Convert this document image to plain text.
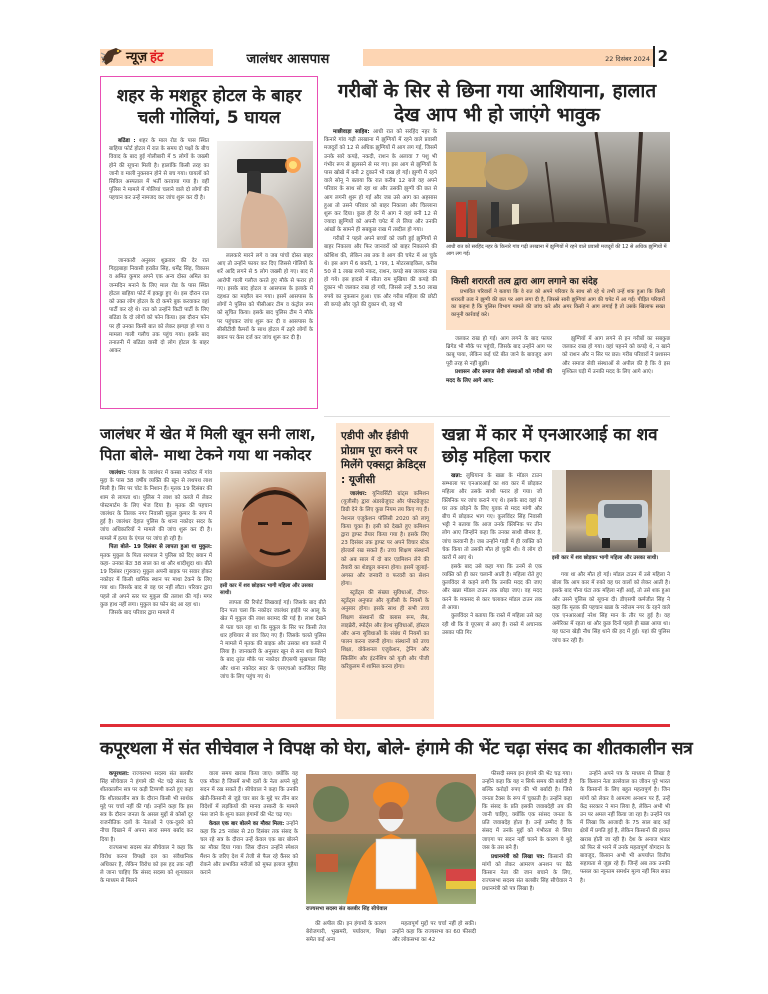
न्यूज़ हंट	जालंधर आसपास	22 दिसंबर 2024 2
शहर के मशहूर होटल के बाहर चली गोलियां, 5 घायल

बठिंडा : शहर के माल रोड के पास स्थित बाहिया फोर्ट होटल में रात के समय दो पक्षों के बीच विवाद के बाद हुई गोलीबारी में 5 लोगों के जख्मी होने की सूचना मिली है। हालांकि किसी तरह का जानी व माली नुकसान होने से बच गया। घायलों को सिविल अस्पताल में भर्ती करवाया गया है। वहीं पुलिस ने मामले में गोलियां चलाने वाले दो लोगों की पहचान कर उन्हें नामजद कर जांच शुरू कर दी है।

जानकारी अनुसार शुक्रवार की देर रात गिद्दड़बाहा निवासी हरप्रीत सिंह, धर्मेंद्र सिंह, विकास व अमित कुमार अपने एक अन्य दोस्त अमित का जन्मदिन मनाने के लिए माल रोड के पास स्थित होटल बाहिया फोर्ट में इकट्ठा हुए थे। इस दौरान रात को उक्त लोग होटल के दो कमरे बुक करवाकर वहां पार्टी कर रहे थे। रात को उन्होंने किटी पार्टी के लिए बठिंडा के दो लोगों को फोन किया। इस दौरान फोन पर ही उनका किसी बात को लेकर झगड़ा हो गया व मामला गाली गलौच तक पहुंच गया। इसके बाद तनातनी में बठिंडा वासी दो लोग होटल के बाहर आकर

ललकारे मारने लगे व जब पांचों दोस्त बाहर आए तो उन्होंने फायर कर दिए जिससे गोलियों के शर्रे आदि लगने से 5 लोग जख्मी हो गए। बाद में आरोपी गाली गलौज करते हुए मौके से फरार हो गए। इसके बाद होटल व आसपास के इलाके में दहशत का माहौल बन गया। इसमें आसपास के लोगों ने पुलिस को पीसीआर टीम व कंट्रोल रूम को सूचित किया। इसके बाद पुलिस टीम ने मौके पर पहुंचकर जांच शुरू कर दी व आसपास के सीसीटीवी कैमरों के साथ होटल में ठहरे लोगों के बयान पर केस दर्ज कर जांच शुरू कर दी है।

गरीबों के सिर से छिना गया आशियाना, हालात देख आप भी हो जाएंगे भावुक

माछीवाड़ा साहिब: आधी रात को सरहिंद नहर के किनारे गांव गढ़ी तरखाना में झुग्गियों में रहने वाले प्रवासी मजदूरों को 12 से अधिक झुग्गियों में आग लग गई, जिसमें उनके सारे कपड़े, नकदी, राशन के अलावा 7 पशु भी गंभीर रूप से झुलसने से मर गए। इस आग से झुग्गियों के पास खोखे में बनी 2 दुकानें भी राख हो गईं। झुग्गी में रहने वाले सोनू ने बताया कि रात करीब 12 बजे वह अपने परिवार के साथ सो रहा था और उसकी झुग्गी की छत से आग लगनी शुरू हो गई और जब उसे आग का अहसास हुआ तो उसने परिवार को बाहर निकाला और चिल्लाना शुरू कर दिया। कुछ ही देर में आग ने वहां बनी 12 से ज्यादा झुग्गियों को अपनी चपेट में ले लिया और उनकी आंखों के सामने ही सबकुछ राख में तब्दील हो गया।

गरीबों ने पहले अपने बच्चों को जली हुई झुग्गियों से बाहर निकाला और फिर जानवरों को बाहर निकालने की कोशिश की, लेकिन तब तक वे आग की चपेट में आ चुके थे। इस आग में 6 बकरी, 1 गाय, 1 मोटरसाइकिल, करीब 50 से 1 लाख रुपये नकद, राशन, कपड़े सब जलकर राख हो गये। इस हादसे में सीता राम मुखिया की कपड़े की दुकान भी जलकर राख हो गयी, जिससे उन्हें 3.50 लाख रुपये का नुकसान हुआ। एक और गरीब महिला की छोटी सी कपड़े और जूते की दुकान थी, वह भी

आधी रात को सरहिंद नहर के किनारे गांव गढ़ी तरखाना में झुग्गियों में रहने वाले प्रवासी मजदूरों की 12 से अधिक झुग्गियों में आग लग गई।
किसी शरारती तत्व द्वारा आग लगाने का संदेह

प्रभावित परिवारों ने बताया कि वे रात को अपने परिवार के साथ सो रहे थे तभी उन्हें शक हुआ कि किसी शरारती तत्व ने झुग्गी की छत पर आग लगा दी है, जिससे सारी झुग्गियां आग की चपेट में आ गईं। पीड़ित परिवारों का कहना है कि पुलिस विभाग मामले की जांच करे और अगर किसी ने आग लगाई है तो उसके खिलाफ सख्त कानूनी कार्रवाई करे।

जलकर राख हो गई। आग लगने के बाद फायर ब्रिगेड भी मौके पर पहुंची, जिसके बाद उन्होंने आग पर काबू पाया, लेकिन कई घंटे बीत जाने के बावजूद आग पूरी तरह से नहीं बुझी।

प्रशासन और समाज सेवी संस्थाओं को गरीबों की मदद के लिए आगे आए:

झुग्गियों में आग लगने से इन गरीबों का सबकुछ जलकर राख हो गया। वहां पहनने को कपड़े थे, न खाने को राशन और न सिर पर छत। गरीब परिवारों ने प्रशासन और समाज सेवी संस्थाओं से अपील की है कि वे इस मुश्किल घड़ी में उनकी मदद के लिए आगे आएं।

जालंधर में खेत में मिली खून सनी लाश, पिता बोले- माथा टेकने गया था नकोदर

जालंधर: पंजाब के जालंधर में कस्बा नकोदर में गांव मुद्दा के पास 38 वर्षीय व्यक्ति की खून से लथपथ लाश मिली है। सिर पर चोट के निशान हैं। मृतक 19 दिसंबर की शाम से लापता था। पुलिस ने लाश को कब्जे में लेकर पोस्टमार्टम के लिए भेज दिया है। मृतक की पहचान जालंधर के तिलक नगर निवासी मुकुल कुमार के रूप में हुई है। जालंधर देहात पुलिस के थाना नकोदर सदर के जांच अधिकारियों ने मामले की जांच शुरू कर दी है। मामले में हत्या के एंगल पर जांच हो रही है।

पिता बोले- 19 दिसंबर से लापता हुआ था मुकुल: मृतक मुकुल के पिता सरपाल ने पुलिस को दिए बयान में कहा- उनका बेटा 38 साल का था और शादीशुदा था। बीते 19 दिसंबर (गुरुवार) मुकुल अपनी बाइक पर सवार होकर नकोदर में किसी धार्मिक स्थान पर माथा टेकने के लिए गया था। जिसके बाद से वह घर नहीं लौटा। परिवार द्वारा पहले तो अपने स्तर पर मुकुल की तलाश की गई। मगर कुछ हाथ नहीं लगा। मुकुल का फोन बंद आ रहा था।

जिसके बाद परिवार द्वारा मामले में

इसी कार में शव छोड़कर भागी महिला और उसका साथी।

लापता की रिपोर्ट लिखवाई गई। जिसके बाद बीते दिन पता चला कि नकोदर जालंधर हाईवे पर आलू के खेत में मुकुल की लाश बरामद की गई है। लाश देखने से पता चल रहा था कि मुकुल के सिर पर किसी तेज धार हथियार से वार किए गए हैं। जिसके चलते पुलिस ने मामले में मृतक की बाइक और उसका शव कब्जे में लिया है। जानकारी के अनुसार खून से सना शव मिलने के बाद तुरंत मौके पर नकोदर डीएसपी सुखपाल सिंह और थाना नकोदर सदर के एसएचओ करजिंदर सिंह जांच के लिए पहुंच गए थे।

एडीपी और ईडीपी प्रोग्राम पूरा करने पर मिलेंगे एक्सट्रा क्रेडिट्स : यूजीसी

जालंधर: यूनिवर्सिटी ग्रांट्स कमिशन (यूजीसी) द्वारा अंडरग्रेजुएट और पोस्टग्रेजुएट डिग्री देने के लिए कुछ नियम तय किए गए हैं। नेशनल एजुकेशन पॉलिसी 2020 को लागू किया चुका है। इसी को देखते हुए कमिशन द्वारा ड्राफ्ट तैयार किया गया है। इसके लिए 23 दिसंबर तक ड्राफ्ट पर अपने विचार स्टेक होल्डर्स रख सकते हैं। उच्च शिक्षण संस्थानों को अब साल में दो बार एडमिशन लेने की तैयारी का शेड्यूल बनाना होगा। इसमें जुलाई- अगस्त और जनवरी व फरवरी का सेशन होगा।

स्टूडेंट्स की संख्या सुविधाओं, टीचर-स्टूडेंट्स अनुपात और यूजीसी के नियमों के अनुसार होगा। इसके साथ ही सभी उच्च शिक्षण संस्थानों की क्लास रूम, लैब, लाइब्रेरी, स्पोर्ट्स और हेल्थ सुविधाओं, हॉस्टल और अन्य सुविधाओं के संबंध में नियमों का पालन करना जरूरी होगा। संस्थानों को उच्च शिक्षा, वोकेशनल एजुकेशन, ट्रेनिंग और स्किलिंग और इंटर्नशिप को यूजी और पीजी करिकुलम में शामिल करना होगा।

खन्ना में कार में एनआरआई का शव छोड़ महिला फरार

खन्ना: लुधियाना के खन्ना के मॉडल टाउन सम्भाला पर एनआरआई का शव कार में छोड़कर महिला और उसके साथी फरार हो गया। जो क्लिनिक पर जांच कराने गए थे। इसके बाद वहां से घर तक छोड़ने के लिए युवक से मदद मांगी और बीच में छोड़कर भाग गए। कुलविंदर सिंह निवासी भट्टी ने बताया कि आज उनके क्लिनिक पर तीन लोग आए जिन्होंने कहा कि उनका साथी बीमार है, जांच करवानी है। जब उन्होंने गाड़ी में ही व्यक्ति को चेक किया तो उसकी मौत हो चुकी थी। ये लोग दो कारों में आए थे।

इसके बाद उसे कहा गया कि उनमें से एक व्यक्ति को ही कार चलानी आती है। महिला रोते हुए कुलविंदर से कहने लगी कि उनकी मदद की जाए और खन्ना मॉडल टाउन तक छोड़ा जाए। वह मदद करने के मकसद से कार चलाकर मॉडल टाउन तक ले आया।

कुलविंदर ने बताया कि रास्ते में महिला उसे कह रही थी कि वे यूएसए से आए हैं। रास्ते में अचानक उसका पति गिर

इसी कार में शव छोड़कर भागी महिला और उसका साथी।

गया था और मौत हो गई। मॉडल टाउन में उसे महिला ने बोला कि आप कार में रुको वह घर वालों को लेकर आती है। इसके बाद पौना घंटा तक महिला नहीं आई, तो उसे शक हुआ और उसने पुलिस को सूचना दी। डीएसपी कर्मजीत सिंह ने कहा कि मृतक की पहचान खन्ना के नरोत्तम नगर के रहने वाले एक एनआरआई नरेश सिंह मान के तौर पर हुई है। वह अमेरिका में रहता था और कुछ दिनों पहले ही खन्ना आया था। यह घटना खेड़ी नौध सिंह थाने की हद में हुई। यहां की पुलिस जांच कर रही है।

कपूरथला में संत सीचेवाल ने विपक्ष को घेरा, बोले- हंगामे की भेंट चढ़ा संसद का शीतकालीन सत्र

कपूरथला: राज्यसभा सदस्य संत बलबीर सिंह सीचेवाल ने हंगामे की भेंट चढ़े संसद के शीतकालीन सत्र पर कड़ी टिप्पणी करते हुए कहा कि शीतकालीन सत्र के दौरान किसी भी सार्थक मुद्दे पर चर्चा नहीं की गई। उन्होंने कहा कि इस सत्र के दौरान जनता के असल मुद्दों से कोसों दूर राजनीतिक दलों के नेताओं ने एक-दूसरे को नीचा दिखाने में अपना सारा समय बर्बाद कर दिया है।

राज्यसभा सदस्य संत सीचेवाल ने कहा कि विरोध करना विपक्षी दल का संवैधानिक अधिकार है, लेकिन विरोध को इस हद तक नहीं ले जाना चाहिए कि संसद सदस्य को शून्यकाल के माध्यम से मिलने

वाला समय खराब किया जाए। क्योंकि यह एक मौका है जिसमें सभी दलों के नेता अपने मुद्दे सदन में रख सकते हैं। सीचेवाल ने कहा कि उनकी खेती-किसानी से जुड़े चार बार के मुद्दे पर तीन बार विदेशों में लड़कियों की मानव तस्करी के मामले फंस जाने के शून्य काल हंगामों की भेंट चढ़ गए।

केवल एक बार बोलने का मौका मिला: उन्होंने कहा कि 25 नवंबर से 20 दिसंबर तक संसद के चल रहे सत्र के दौरान उन्हें केवल एक बार बोलने का मौका दिया गया। जिस दौरान उन्होंने स्पेशल मैंशन के जरिए देश में तेजी से फैल रहे कैंसर को रोकने और प्रभावित मरीजों को मुफ्त इलाज मुहैया कराने

राज्यसभा सदस्य संत बलबीर सिंह सीचेवाल

की अपील की। इन हंगामों के कारण बेरोजगारी, भुखमरी, पर्यावरण, शिक्षा समेत कई अन्य

महत्वपूर्ण मुद्दों पर चर्चा नहीं हो सकी। उन्होंने कहा कि राज्यसभा का 60 फीसदी और लोकसभा का 42

फीसदी समय इन हंगामे की भेंट चढ़ गया। उन्होंने कहा कि यह न सिर्फ समय की बर्बादी है बल्कि करोड़ों रुपए की भी बर्बादी है। जिसे जनता टैक्स के रूप में चुकाती है। उन्होंने कहा कि संसद के प्रति इसकी जवाबदेही तय की जानी चाहिए, क्योंकि एक सांसद जनता के प्रति जवाबदेह होता है। उन्हें उम्मीद है कि संसद में उनके मुद्दों को गंभीरता से लिया जाएगा पर सदन नहीं चलने के कारण ये मुद्दे जस के तस बने हैं।

प्रधानमंत्री को लिखा पत्र: किसानों की मांगों को लेकर आमरण अनशन पर बैठे किसान नेता की जान बचाने के लिए, राज्यसभा सदस्य संत बलबीर सिंह सीचेवाल ने प्रधानमंत्री को पत्र लिखा है।

उन्होंने अपने पत्र के माध्यम से लिखा है कि किसान नेता डल्लेवाल का जीवन पूरे भारत के किसानों के लिए बहुत महत्वपूर्ण है। जिन मांगों को लेकर वे आमरण अनशन पर हैं, उन्हें केंद्र सरकार ने मान लिया है, लेकिन अभी भी उन पर अमल नहीं किया जा रहा है। उन्होंने पत्र में लिखा कि आजादी के 75 साल बाद कई क्षेत्रों में प्रगति हुई है, लेकिन किसानों की हालत खराब होती जा रही है। देश के अनाज भंडार को फिर से भरने में उनके महत्वपूर्ण योगदान के बावजूद, किसान अभी भी अपर्याप्त वित्तीय सहायता से जूझ रहे हैं। जिन्हें अब तक उनकी फसल का न्यूनतम समर्थन मूल्य नहीं मिल सका है।
